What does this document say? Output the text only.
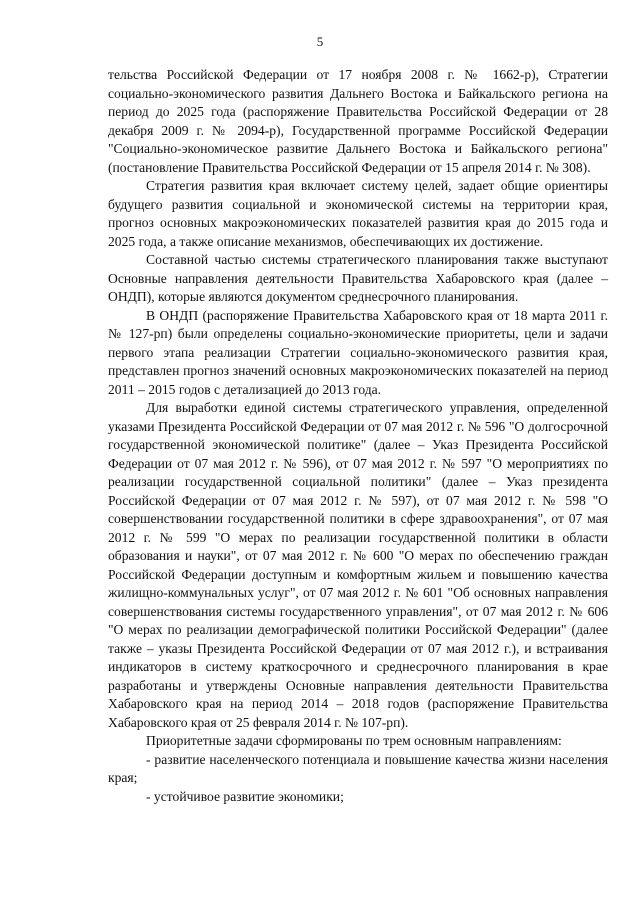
5

тельства Российской Федерации от 17 ноября 2008 г. № 1662-р), Стратегии социально-экономического развития Дальнего Востока и Байкальского региона на период до 2025 года (распоряжение Правительства Российской Федерации от 28 декабря 2009 г. № 2094-р), Государственной программе Российской Федерации "Социально-экономическое развитие Дальнего Востока и Байкальского региона" (постановление Правительства Российской Федерации от 15 апреля 2014 г. № 308).

Стратегия развития края включает систему целей, задает общие ориентиры будущего развития социальной и экономической системы на территории края, прогноз основных макроэкономических показателей развития края до 2015 года и 2025 года, а также описание механизмов, обеспечивающих их достижение.

Составной частью системы стратегического планирования также выступают Основные направления деятельности Правительства Хабаровского края (далее – ОНДП), которые являются документом среднесрочного планирования.

В ОНДП (распоряжение Правительства Хабаровского края от 18 марта 2011 г. № 127-рп) были определены социально-экономические приоритеты, цели и задачи первого этапа реализации Стратегии социально-экономического развития края, представлен прогноз значений основных макроэкономических показателей на период 2011 – 2015 годов с детализацией до 2013 года.

Для выработки единой системы стратегического управления, определенной указами Президента Российской Федерации от 07 мая 2012 г. № 596 "О долгосрочной государственной экономической политике" (далее – Указ Президента Российской Федерации от 07 мая 2012 г. № 596), от 07 мая 2012 г. № 597 "О мероприятиях по реализации государственной социальной политики" (далее – Указ президента Российской Федерации от 07 мая 2012 г. № 597), от 07 мая 2012 г. № 598 "О совершенствовании государственной политики в сфере здравоохранения", от 07 мая 2012 г. № 599 "О мерах по реализации государственной политики в области образования и науки", от 07 мая 2012 г. № 600 "О мерах по обеспечению граждан Российской Федерации доступным и комфортным жильем и повышению качества жилищно-коммунальных услуг", от 07 мая 2012 г. № 601 "Об основных направления совершенствования системы государственного управления", от 07 мая 2012 г. № 606 "О мерах по реализации демографической политики Российской Федерации" (далее также – указы Президента Российской Федерации от 07 мая 2012 г.), и встраивания индикаторов в систему краткосрочного и среднесрочного планирования в крае разработаны и утверждены Основные направления деятельности Правительства Хабаровского края на период 2014 – 2018 годов (распоряжение Правительства Хабаровского края от 25 февраля 2014 г. № 107-рп).

Приоритетные задачи сформированы по трем основным направлениям:

- развитие населенческого потенциала и повышение качества жизни населения края;

- устойчивое развитие экономики;
